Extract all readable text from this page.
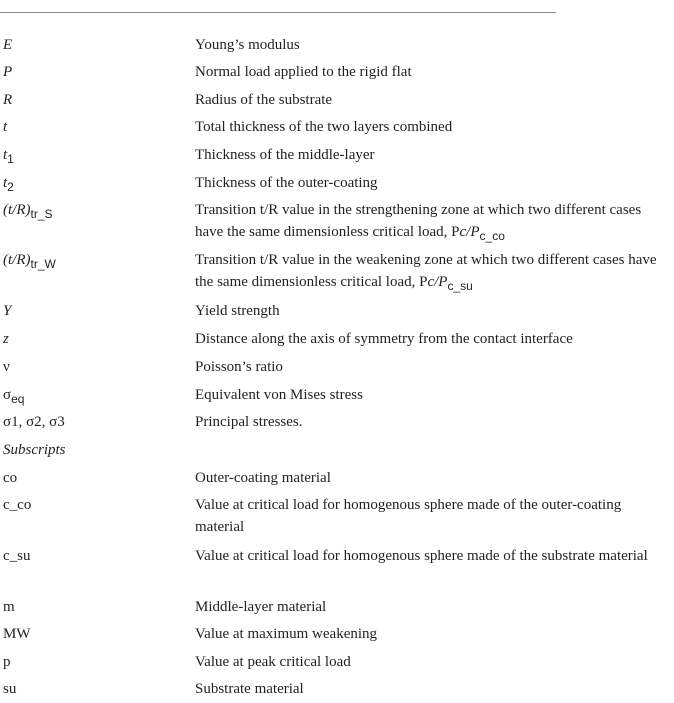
E	Young’s modulus
P	Normal load applied to the rigid flat
R	Radius of the substrate
t	Total thickness of the two layers combined
$t_1$	Thickness of the middle-layer
$t_2$	Thickness of the outer-coating
$(t/R)_{tr\_S}$	Transition t/R value in the strengthening zone at which two different cases have the same dimensionless critical load, $Pc/P_{c\_co}$
$(t/R)_{tr\_W}$	Transition t/R value in the weakening zone at which two different cases have the same dimensionless critical load, $Pc/P_{c\_su}$
Y	Yield strength
z	Distance along the axis of symmetry from the contact interface
ν	Poisson’s ratio
$\sigma_{eq}$	Equivalent von Mises stress
σ1, σ2, σ3	Principal stresses.
Subscripts
co	Outer-coating material
c_co	Value at critical load for homogenous sphere made of the outer-coating material
c_su	Value at critical load for homogenous sphere made of the substrate material
m	Middle-layer material
MW	Value at maximum weakening
p	Value at peak critical load
su	Substrate material
